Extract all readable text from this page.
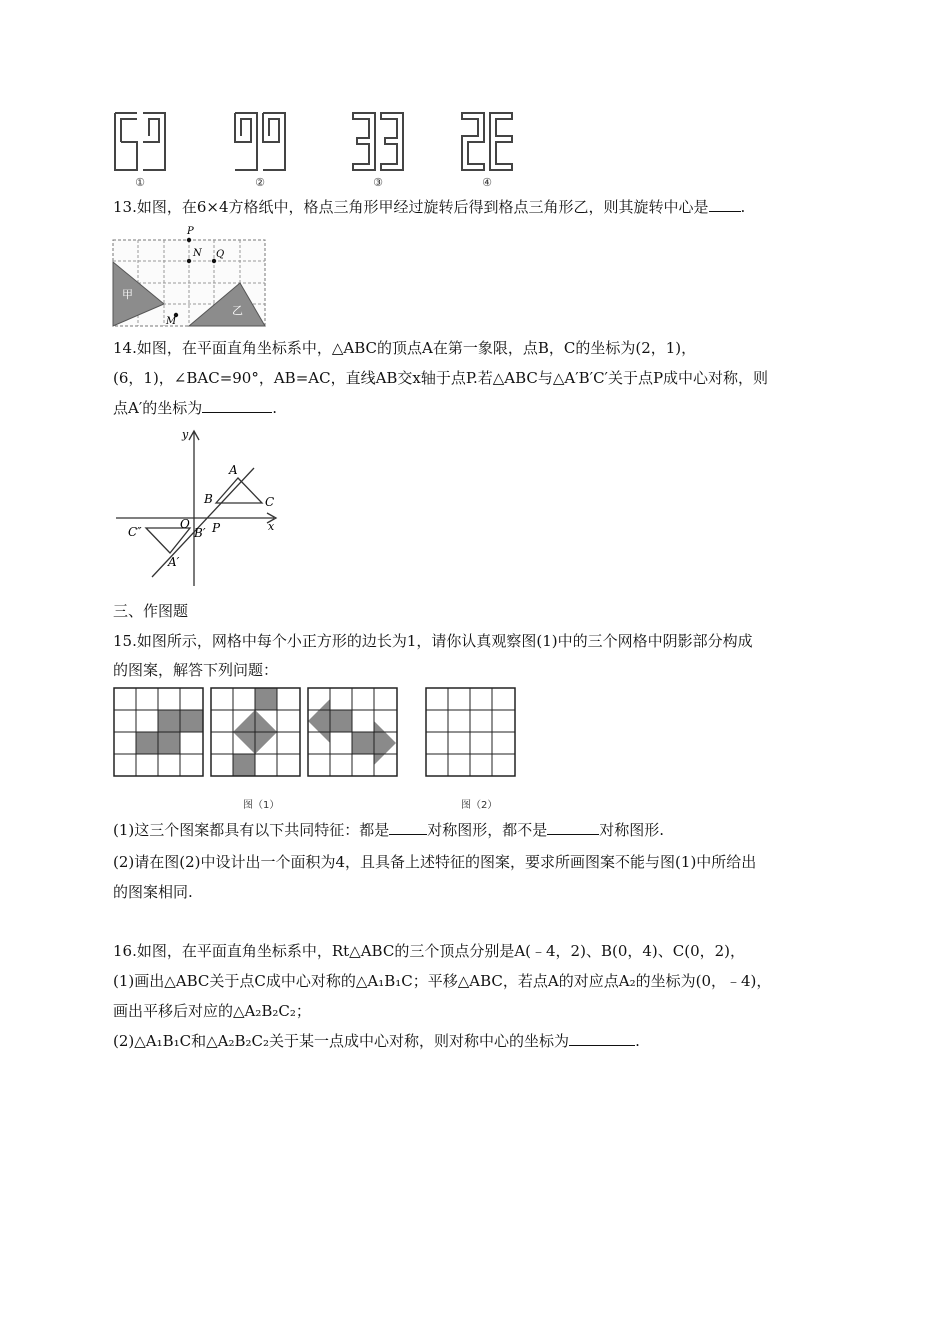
①	②	③	④
13.如图，在6×4方格纸中，格点三角形甲经过旋转后得到格点三角形乙，则其旋转中心是 .
P
N Q
M
甲
乙
14.如图，在平面直角坐标系中，△ABC的顶点A在第一象限，点B，C的坐标为(2，1)，
(6，1)，∠BAC=90°，AB=AC，直线AB交x轴于点P.若△ABC与△A′B′C′关于点P成中心对称，则
点A′的坐标为	.
y
x
A
B	C
O
B′ P
C″
A′
三、作图题
15.如图所示，网格中每个小正方形的边长为1，请你认真观察图(1)中的三个网格中阴影部分构成
的图案，解答下列问题：
图（1）	图（2）
(1)这三个图案都具有以下共同特征：都是	对称图形，都不是	对称图形.
(2)请在图(2)中设计出一个面积为4，且具备上述特征的图案，要求所画图案不能与图(1)中所给出
的图案相同.
16.如图，在平面直角坐标系中，Rt△ABC的三个顶点分别是A(﹣4，2)、B(0，4)、C(0，2)，
(1)画出△ABC关于点C成中心对称的△A₁B₁C；平移△ABC，若点A的对应点A₂的坐标为(0，﹣4)，
画出平移后对应的△A₂B₂C₂；
(2)△A₁B₁C和△A₂B₂C₂关于某一点成中心对称，则对称中心的坐标为	.
